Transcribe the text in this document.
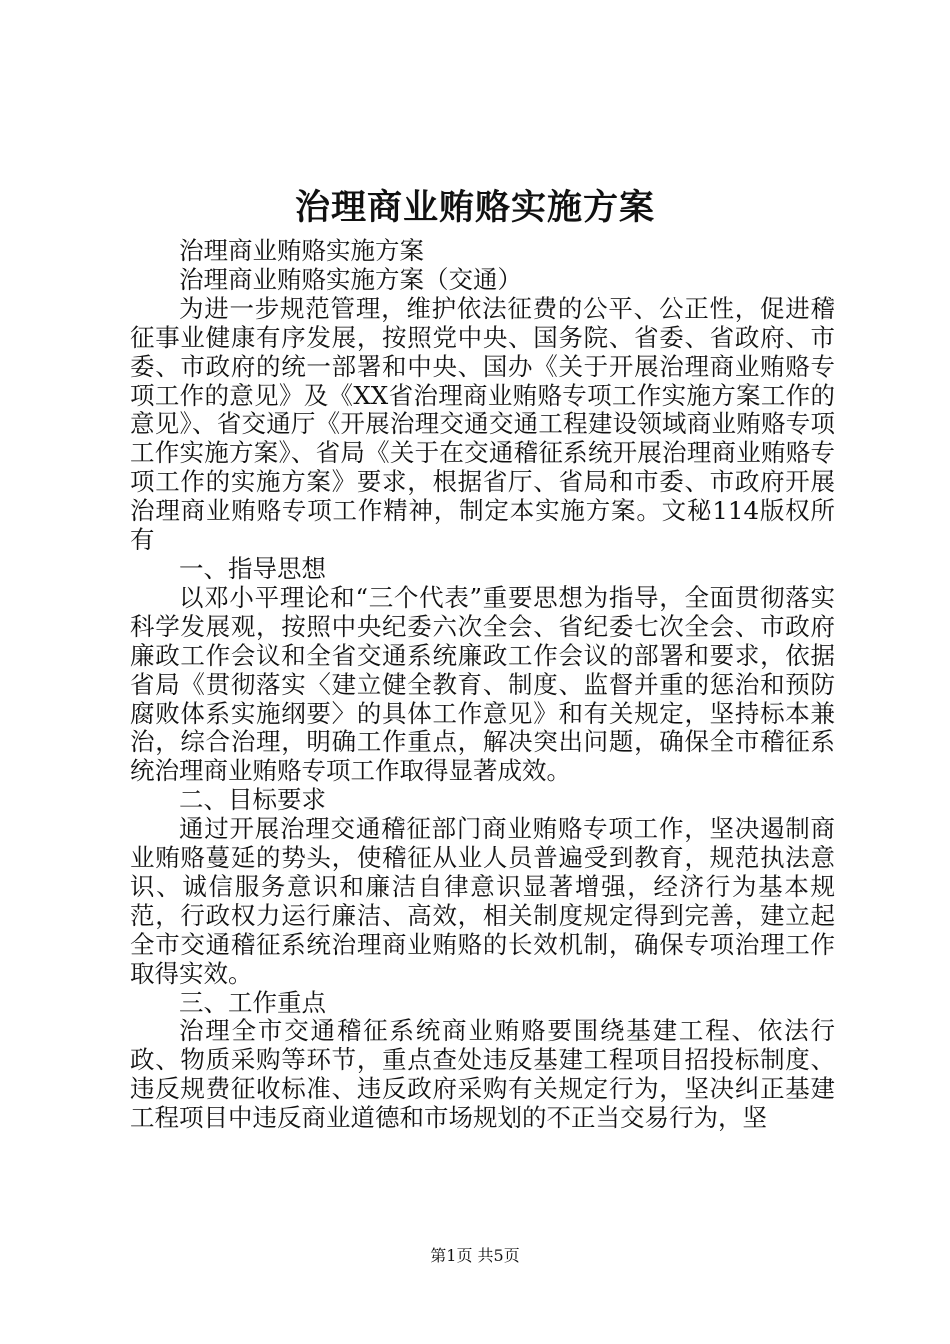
治理商业贿赂实施方案

治理商业贿赂实施方案

治理商业贿赂实施方案（交通）

为进一步规范管理，维护依法征费的公平、公正性，促进稽征事业健康有序发展，按照党中央、国务院、省委、省政府、市委、市政府的统一部署和中央、国办《关于开展治理商业贿赂专项工作的意见》及《XX省治理商业贿赂专项工作实施方案工作的意见》、省交通厅《开展治理交通交通工程建设领域商业贿赂专项工作实施方案》、省局《关于在交通稽征系统开展治理商业贿赂专项工作的实施方案》要求，根据省厅、省局和市委、市政府开展治理商业贿赂专项工作精神，制定本实施方案。文秘114版权所有

一、指导思想

以邓小平理论和“三个代表”重要思想为指导，全面贯彻落实科学发展观，按照中央纪委六次全会、省纪委七次全会、市政府廉政工作会议和全省交通系统廉政工作会议的部署和要求，依据省局《贯彻落实〈建立健全教育、制度、监督并重的惩治和预防腐败体系实施纲要〉的具体工作意见》和有关规定，坚持标本兼治，综合治理，明确工作重点，解决突出问题，确保全市稽征系统治理商业贿赂专项工作取得显著成效。

二、目标要求

通过开展治理交通稽征部门商业贿赂专项工作，坚决遏制商业贿赂蔓延的势头，使稽征从业人员普遍受到教育，规范执法意识、诚信服务意识和廉洁自律意识显著增强，经济行为基本规范，行政权力运行廉洁、高效，相关制度规定得到完善，建立起全市交通稽征系统治理商业贿赂的长效机制，确保专项治理工作取得实效。

三、工作重点

治理全市交通稽征系统商业贿赂要围绕基建工程、依法行政、物质采购等环节，重点查处违反基建工程项目招投标制度、违反规费征收标准、违反政府采购有关规定行为，坚决纠正基建工程项目中违反商业道德和市场规划的不正当交易行为，坚

第1页 共5页
